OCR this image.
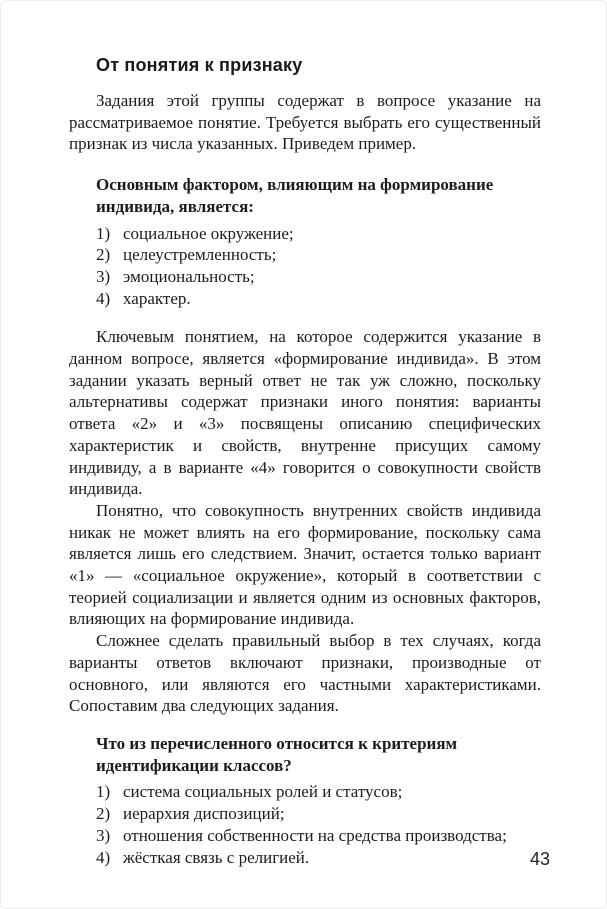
От понятия к признаку

Задания этой группы содержат в вопросе указание на рассматриваемое понятие. Требуется выбрать его существенный признак из числа указанных. Приведем пример.

Основным фактором, влияющим на формирование индивида, является:

1) социальное окружение;
2) целеустремленность;
3) эмоциональность;
4) характер.

Ключевым понятием, на которое содержится указание в данном вопросе, является «формирование индивида». В этом задании указать верный ответ не так уж сложно, поскольку альтернативы содержат признаки иного понятия: варианты ответа «2» и «3» посвящены описанию специфических характеристик и свойств, внутренне присущих самому индивиду, а в варианте «4» говорится о совокупности свойств индивида.

Понятно, что совокупность внутренних свойств индивида никак не может влиять на его формирование, поскольку сама является лишь его следствием. Значит, остается только вариант «1» — «социальное окружение», который в соответствии с теорией социализации и является одним из основных факторов, влияющих на формирование индивида.

Сложнее сделать правильный выбор в тех случаях, когда варианты ответов включают признаки, производные от основного, или являются его частными характеристиками. Сопоставим два следующих задания.

Что из перечисленного относится к критериям идентификации классов?

1) система социальных ролей и статусов;
2) иерархия диспозиций;
3) отношения собственности на средства производства;
4) жёсткая связь с религией.	43
